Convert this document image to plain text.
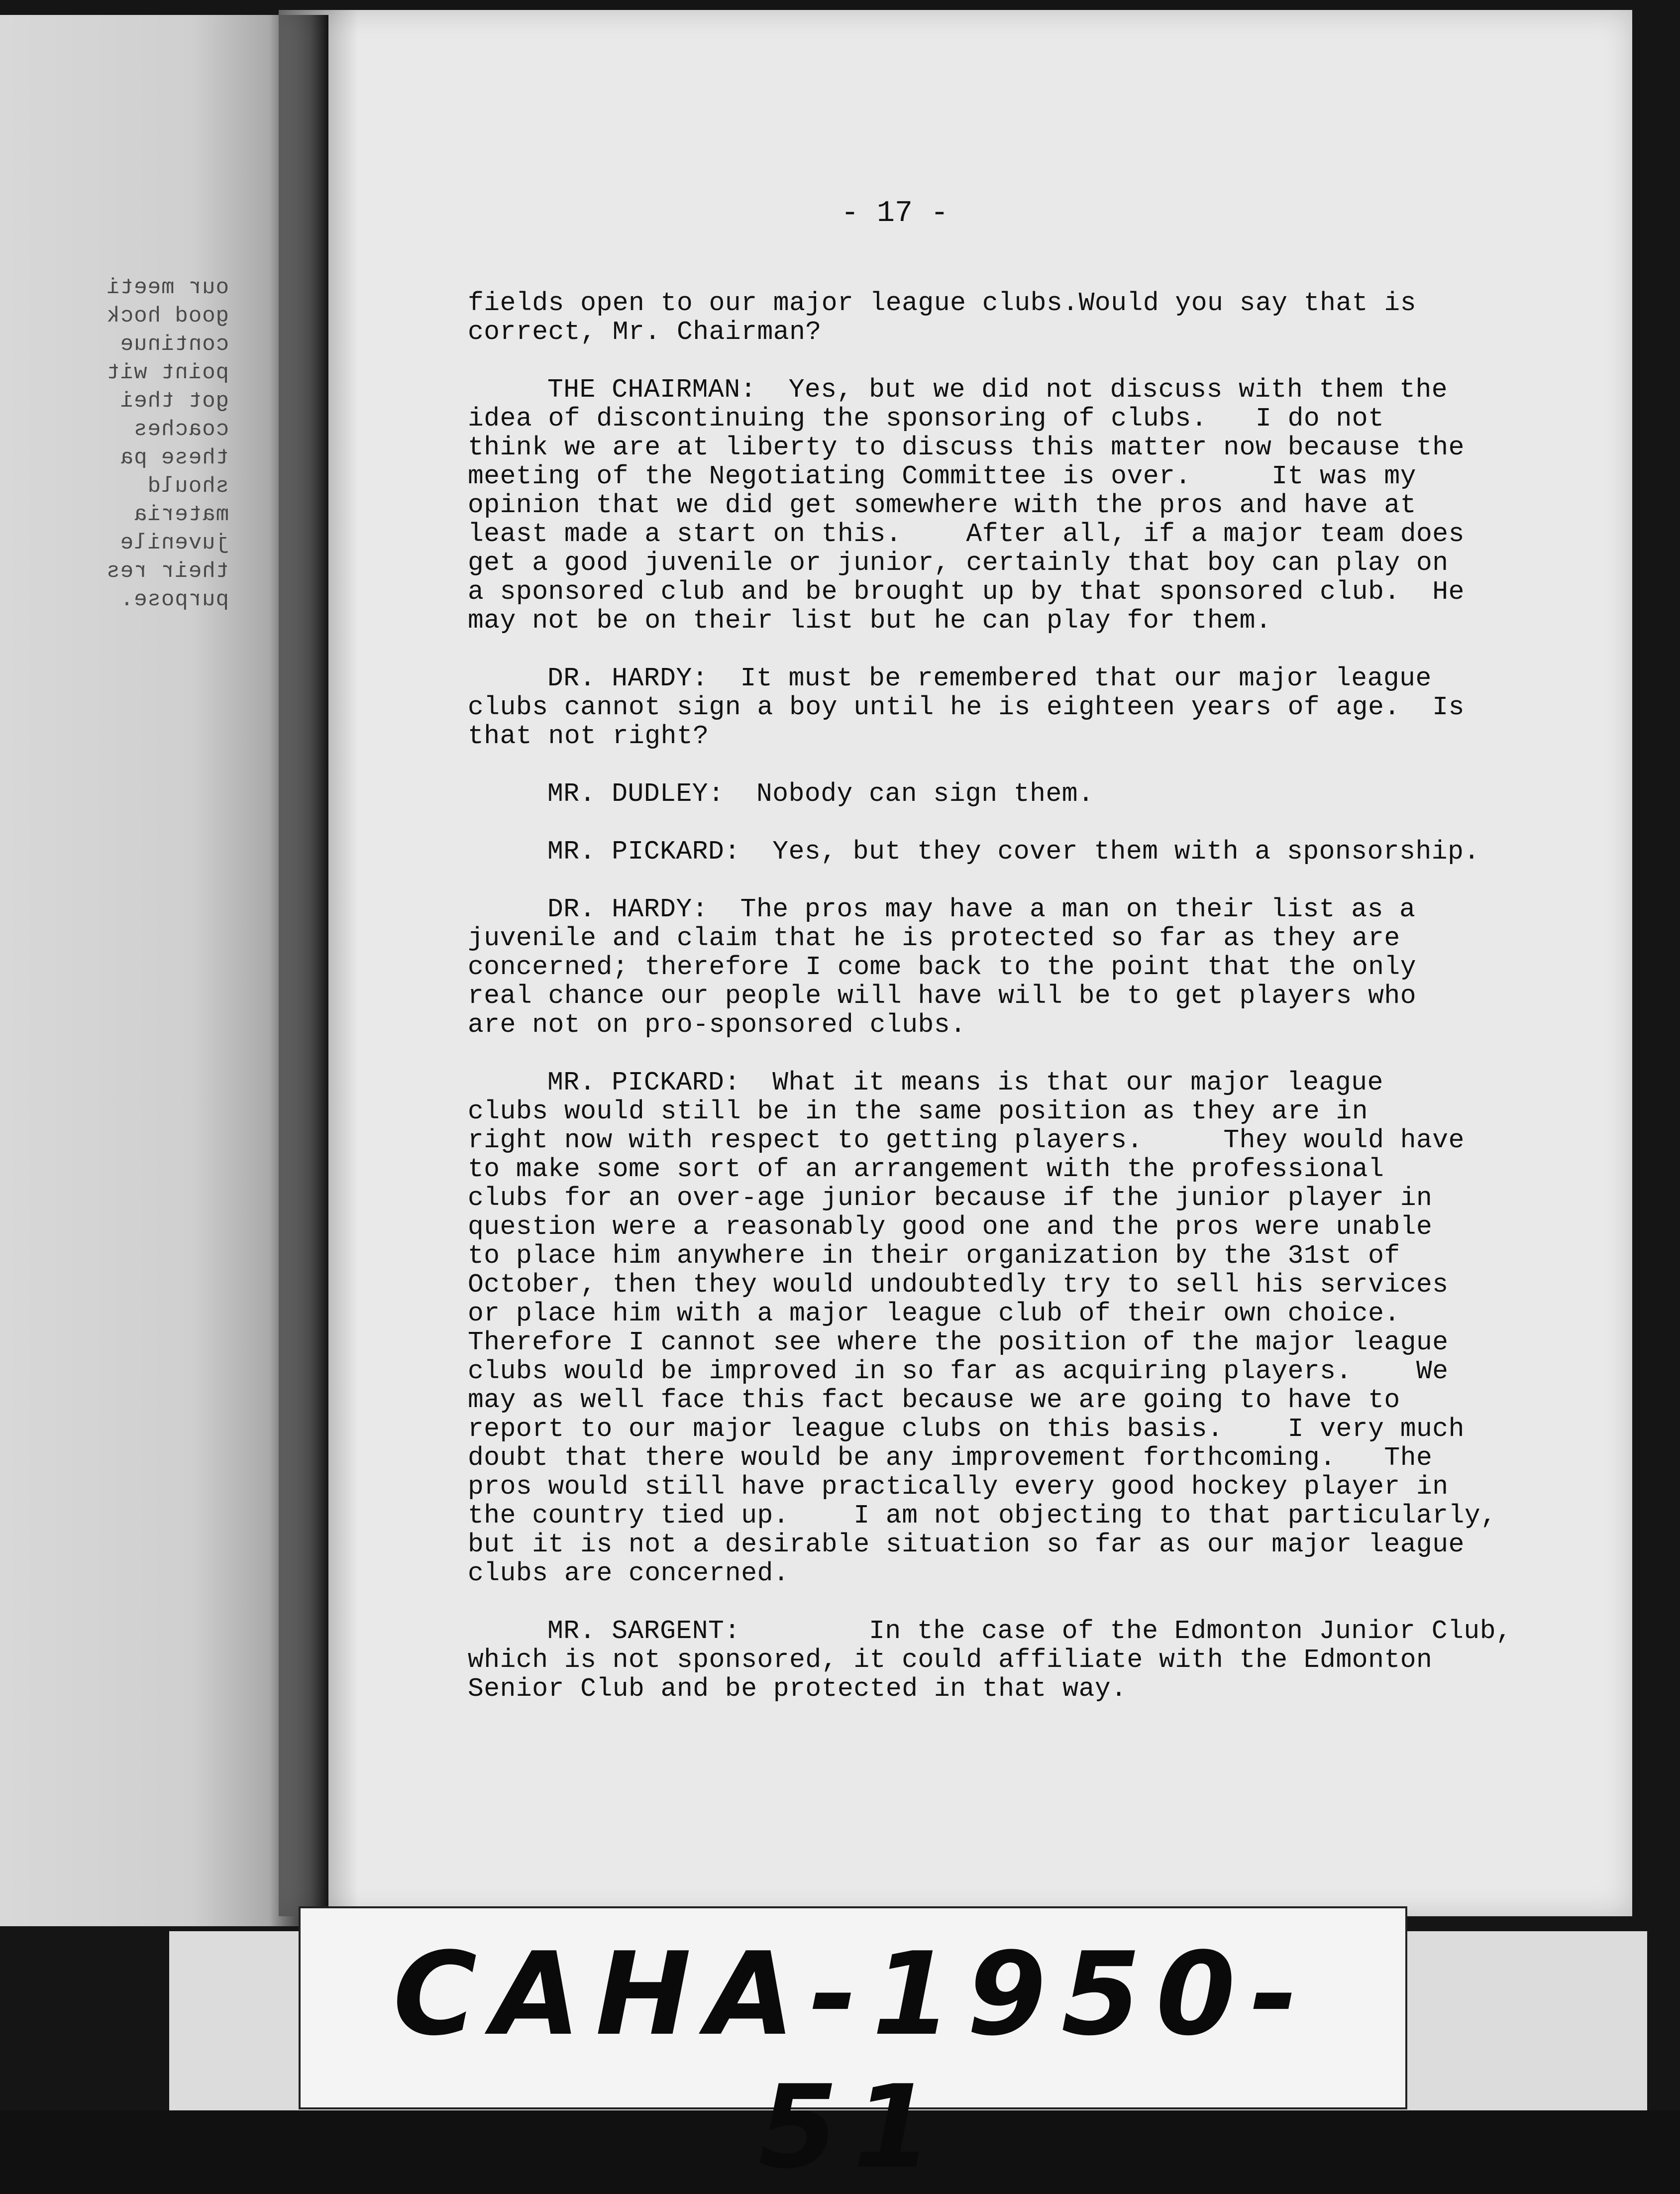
our meeti
good hock
continue
point wit
got thei
coaches
these pa
should
materia
juvenile
their res
purpose.
- 17 -
fields open to our major league clubs.Would you say that is
correct, Mr. Chairman?
THE CHAIRMAN:  Yes, but we did not discuss with them the
idea of discontinuing the sponsoring of clubs.   I do not
think we are at liberty to discuss this matter now because the
meeting of the Negotiating Committee is over.     It was my
opinion that we did get somewhere with the pros and have at
least made a start on this.    After all, if a major team does
get a good juvenile or junior, certainly that boy can play on
a sponsored club and be brought up by that sponsored club.  He
may not be on their list but he can play for them.
DR. HARDY:  It must be remembered that our major league
clubs cannot sign a boy until he is eighteen years of age.  Is
that not right?
MR. DUDLEY:  Nobody can sign them.
MR. PICKARD:  Yes, but they cover them with a sponsorship.
DR. HARDY:  The pros may have a man on their list as a
juvenile and claim that he is protected so far as they are
concerned; therefore I come back to the point that the only
real chance our people will have will be to get players who
are not on pro-sponsored clubs.
MR. PICKARD:  What it means is that our major league
clubs would still be in the same position as they are in
right now with respect to getting players.     They would have
to make some sort of an arrangement with the professional
clubs for an over-age junior because if the junior player in
question were a reasonably good one and the pros were unable
to place him anywhere in their organization by the 31st of
October, then they would undoubtedly try to sell his services
or place him with a major league club of their own choice.
Therefore I cannot see where the position of the major league
clubs would be improved in so far as acquiring players.    We
may as well face this fact because we are going to have to
report to our major league clubs on this basis.    I very much
doubt that there would be any improvement forthcoming.   The
pros would still have practically every good hockey player in
the country tied up.    I am not objecting to that particularly,
but it is not a desirable situation so far as our major league
clubs are concerned.
MR. SARGENT:        In the case of the Edmonton Junior Club,
which is not sponsored, it could affiliate with the Edmonton
Senior Club and be protected in that way.
CAHA-1950-51
